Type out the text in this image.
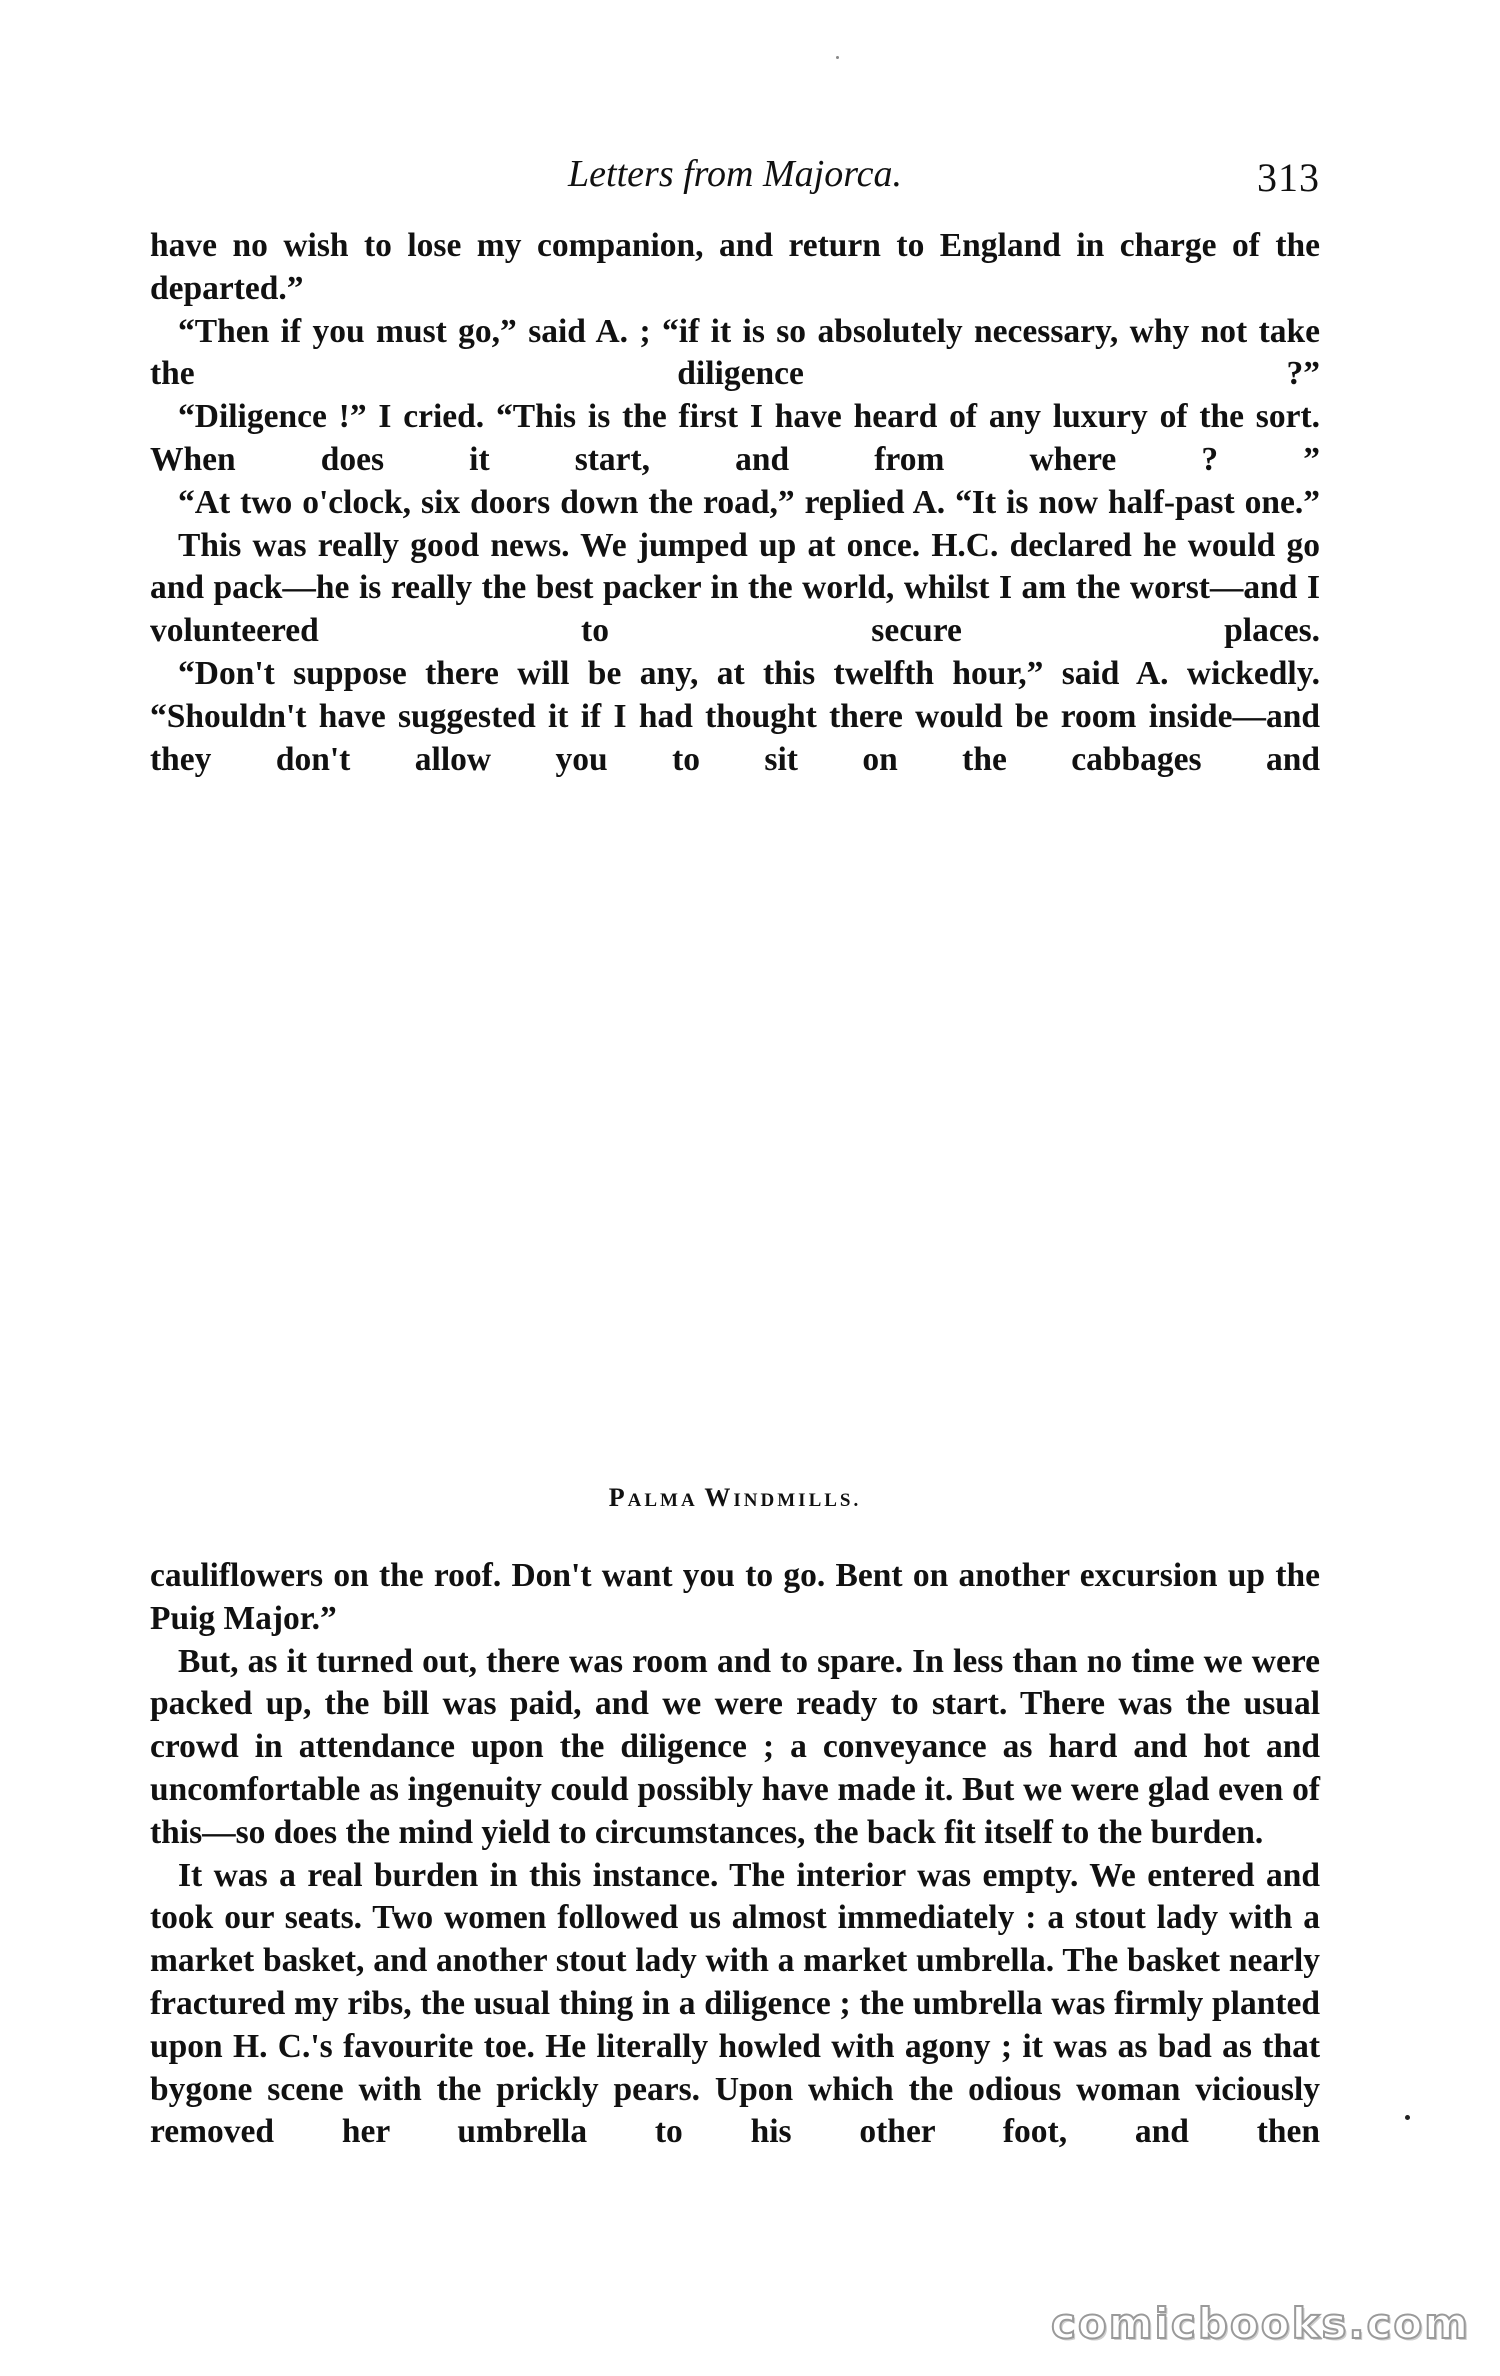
Letters from Majorca.	313

have no wish to lose my companion, and return to England in charge of the departed.”

“Then if you must go,” said A. ; “if it is so absolutely necessary, why not take the diligence ?”

“Diligence !” I cried. “This is the first I have heard of any luxury of the sort. When does it start, and from where ? ”

“At two o'clock, six doors down the road,” replied A. “It is now half-past one.”

This was really good news. We jumped up at once. H.C. declared he would go and pack—he is really the best packer in the world, whilst I am the worst—and I volunteered to secure places.

“Don't suppose there will be any, at this twelfth hour,” said A. wickedly. “Shouldn't have suggested it if I had thought there would be room inside—and they don't allow you to sit on the cabbages and

PALMA WINDMILLS.

cauliflowers on the roof. Don't want you to go. Bent on another excursion up the Puig Major.”

But, as it turned out, there was room and to spare. In less than no time we were packed up, the bill was paid, and we were ready to start. There was the usual crowd in attendance upon the diligence ; a conveyance as hard and hot and uncomfortable as ingenuity could possibly have made it. But we were glad even of this—so does the mind yield to circumstances, the back fit itself to the burden.

It was a real burden in this instance. The interior was empty. We entered and took our seats. Two women followed us almost immediately : a stout lady with a market basket, and another stout lady with a market umbrella. The basket nearly fractured my ribs, the usual thing in a diligence ; the umbrella was firmly planted upon H. C.'s favourite toe. He literally howled with agony ; it was as bad as that bygone scene with the prickly pears. Upon which the odious woman viciously removed her umbrella to his other foot, and then

comicbooks.com
